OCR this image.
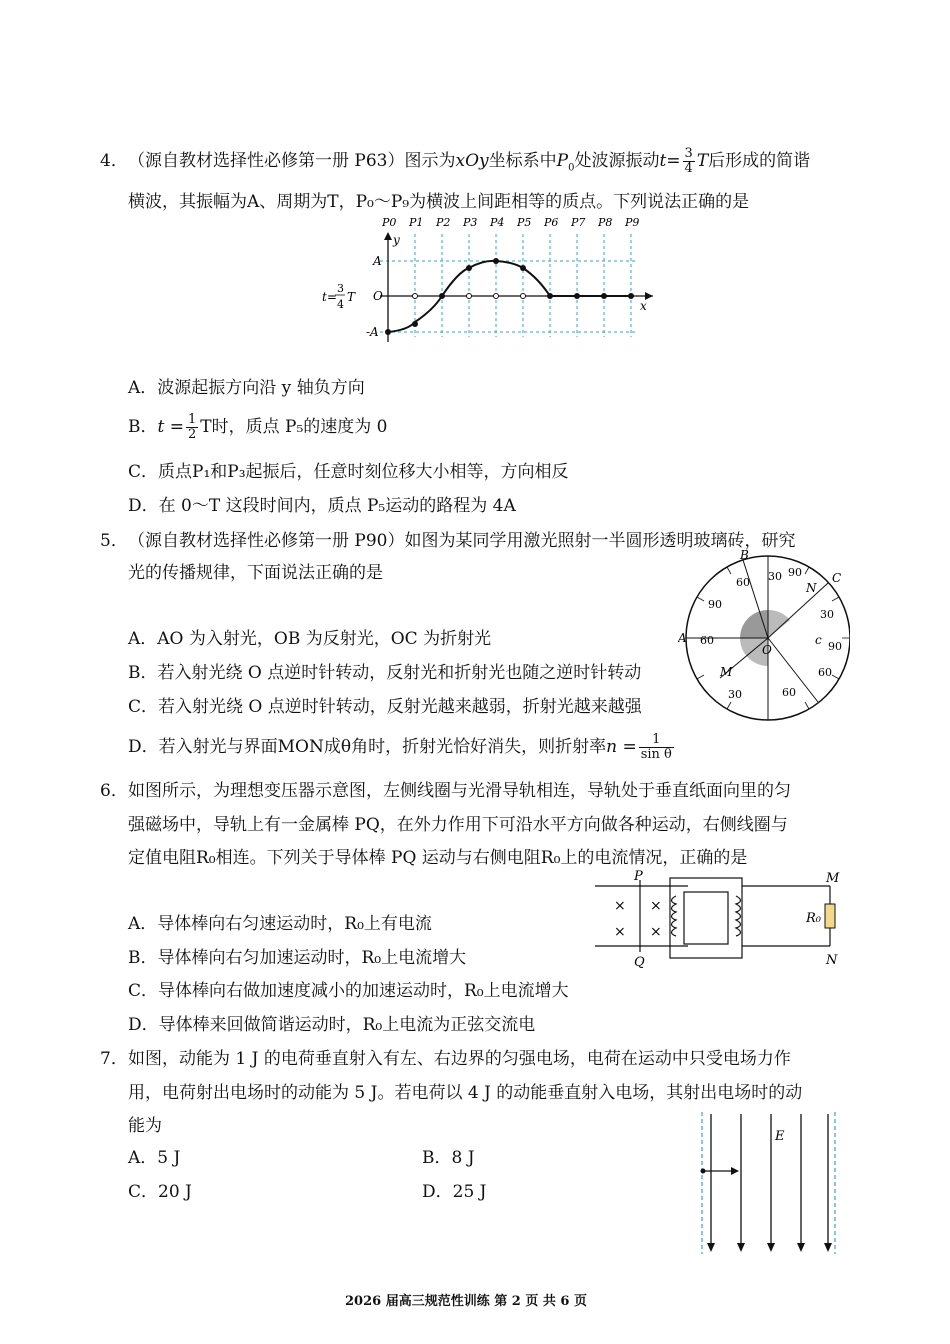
4． （源自教材选择性必修第一册 P63）图示为xOy坐标系中$P_0$处波源振动$t= \frac{3}{4}$ T后形成的简谐
横波，其振幅为A、周期为T，P₀～P₉为横波上间距相等的质点。下列说法正确的是
P0 P1 P2 P3 P4 P5 P6 P7 P8 P9
y
x
A
O
-A
t=
3
4
T
A．波源起振方向沿 y 轴负方向
B．$t = \frac{1}{2}$ T时，质点 P₅的速度为 0
C．质点P₁和P₃起振后，任意时刻位移大小相等，方向相反
D．在 0～T 这段时间内，质点 P₅运动的路程为 4A
5． （源自教材选择性必修第一册 P90）如图为某同学用激光照射一半圆形透明玻璃砖，研究
光的传播规律，下面说法正确的是
A
B
C
N
M
O
c
60 30
90
30
60	90
60
30	60
90
A．AO 为入射光，OB 为反射光，OC 为折射光
B．若入射光绕 O 点逆时针转动，反射光和折射光也随之逆时针转动
C．若入射光绕 O 点逆时针转动，反射光越来越弱，折射光越来越强
D．若入射光与界面MON成θ角时，折射光恰好消失，则折射率$n = \frac{1}{\text{sin θ}}$
6． 如图所示，为理想变压器示意图，左侧线圈与光滑导轨相连，导轨处于垂直纸面向里的匀
强磁场中，导轨上有一金属棒 PQ，在外力作用下可沿水平方向做各种运动，右侧线圈与
定值电阻R₀相连。下列关于导体棒 PQ 运动与右侧电阻R₀上的电流情况，正确的是
×
×
×
×
P
Q
M
N
R₀
A．导体棒向右匀速运动时，R₀上有电流
B．导体棒向右匀加速运动时，R₀上电流增大
C．导体棒向右做加速度减小的加速运动时，R₀上电流增大
D．导体棒来回做简谐运动时，R₀上电流为正弦交流电
7． 如图，动能为 1 J 的电荷垂直射入有左、右边界的匀强电场，电荷在运动中只受电场力作
用，电荷射出电场时的动能为 5 J。若电荷以 4 J 的动能垂直射入电场，其射出电场时的动
能为
A．5 J	B．8 J
C．20 J	D．25 J
E
2026 届高三规范性训练 第 2 页 共 6 页
